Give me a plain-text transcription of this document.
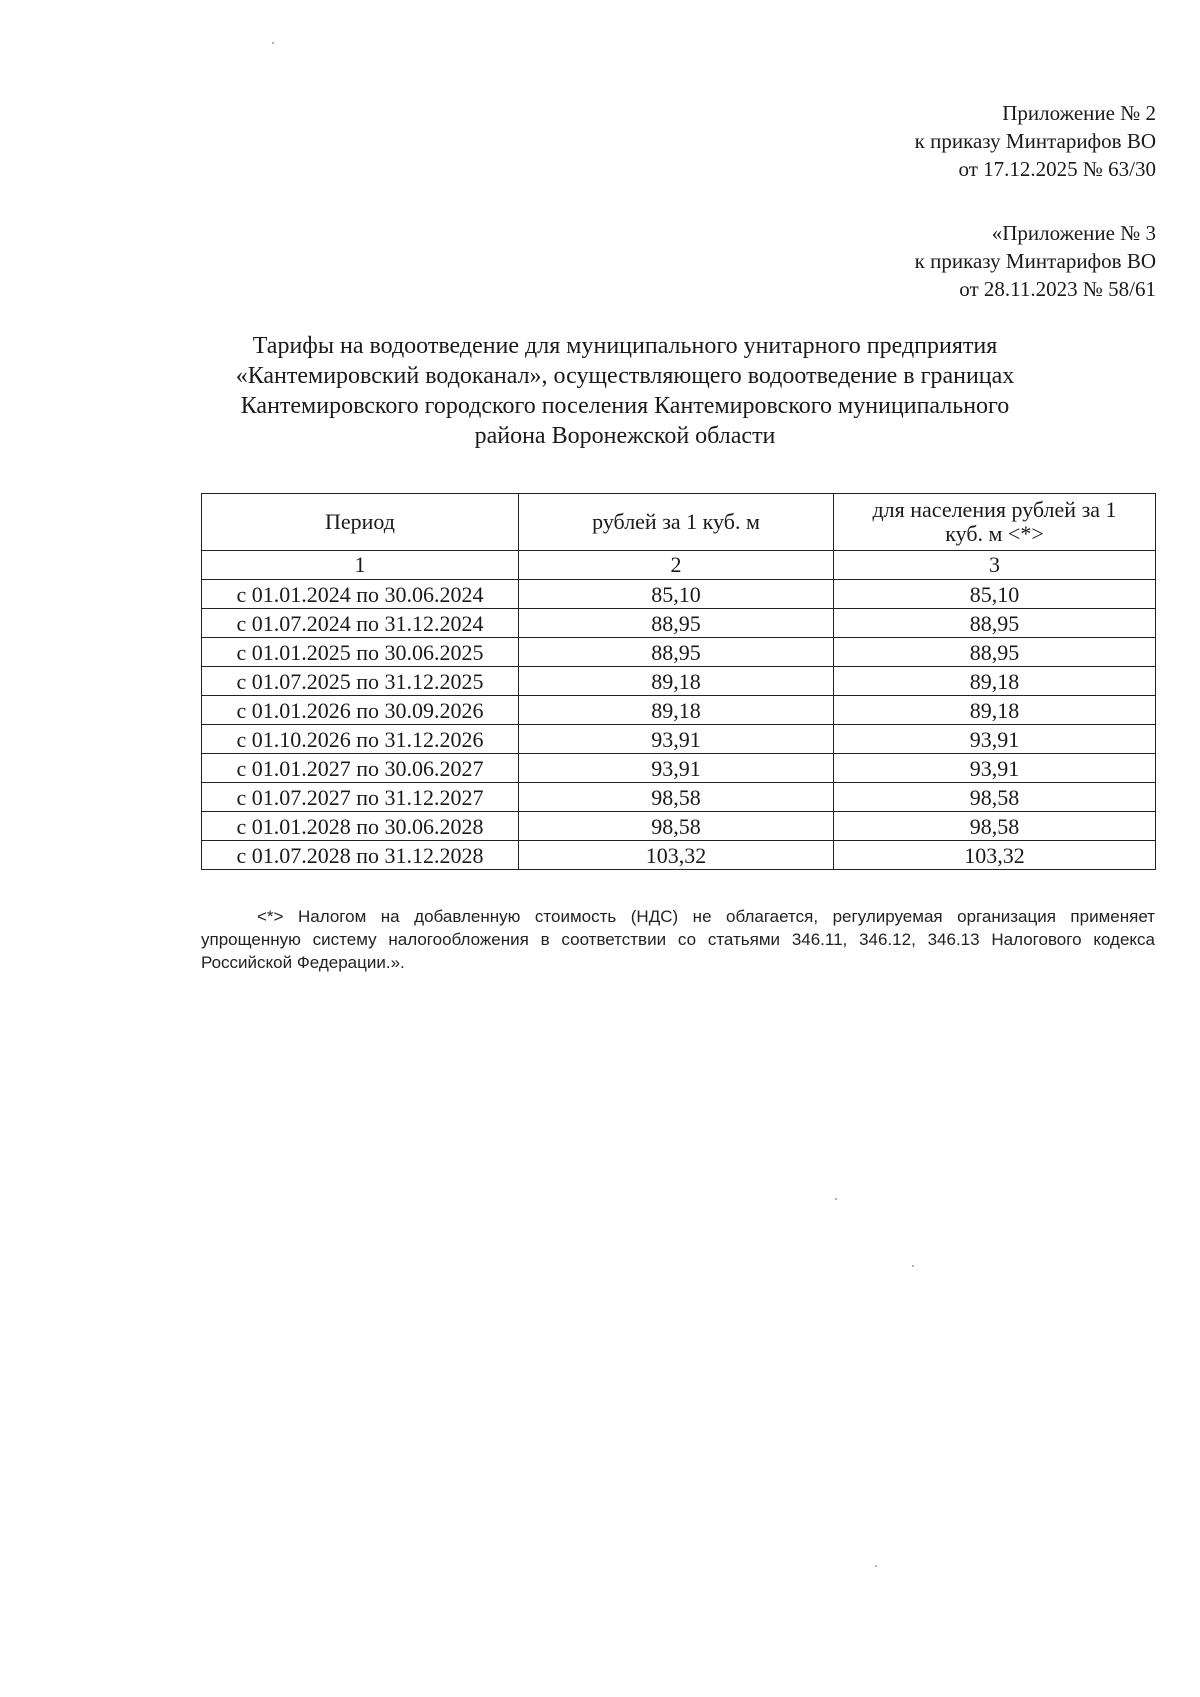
Приложение № 2
к приказу Минтарифов ВО
от 17.12.2025 № 63/30
«Приложение № 3
к приказу Минтарифов ВО
от 28.11.2023 № 58/61
Тарифы на водоотведение для муниципального унитарного предприятия
«Кантемировский водоканал», осуществляющего водоотведение в границах
Кантемировского городского поселения Кантемировского муниципального
района Воронежской области
Период	рублей за 1 куб. м	для населения рублей за 1
куб. м <*>
1	2	3
с 01.01.2024 по 30.06.2024	85,10	85,10
с 01.07.2024 по 31.12.2024	88,95	88,95
с 01.01.2025 по 30.06.2025	88,95	88,95
с 01.07.2025 по 31.12.2025	89,18	89,18
с 01.01.2026 по 30.09.2026	89,18	89,18
с 01.10.2026 по 31.12.2026	93,91	93,91
с 01.01.2027 по 30.06.2027	93,91	93,91
с 01.07.2027 по 31.12.2027	98,58	98,58
с 01.01.2028 по 30.06.2028	98,58	98,58
с 01.07.2028 по 31.12.2028	103,32	103,32
<*> Налогом на добавленную стоимость (НДС) не облагается, регулируемая организация применяет
упрощенную систему налогообложения в соответствии со статьями 346.11, 346.12, 346.13 Налогового кодекса Российской Федерации.».
